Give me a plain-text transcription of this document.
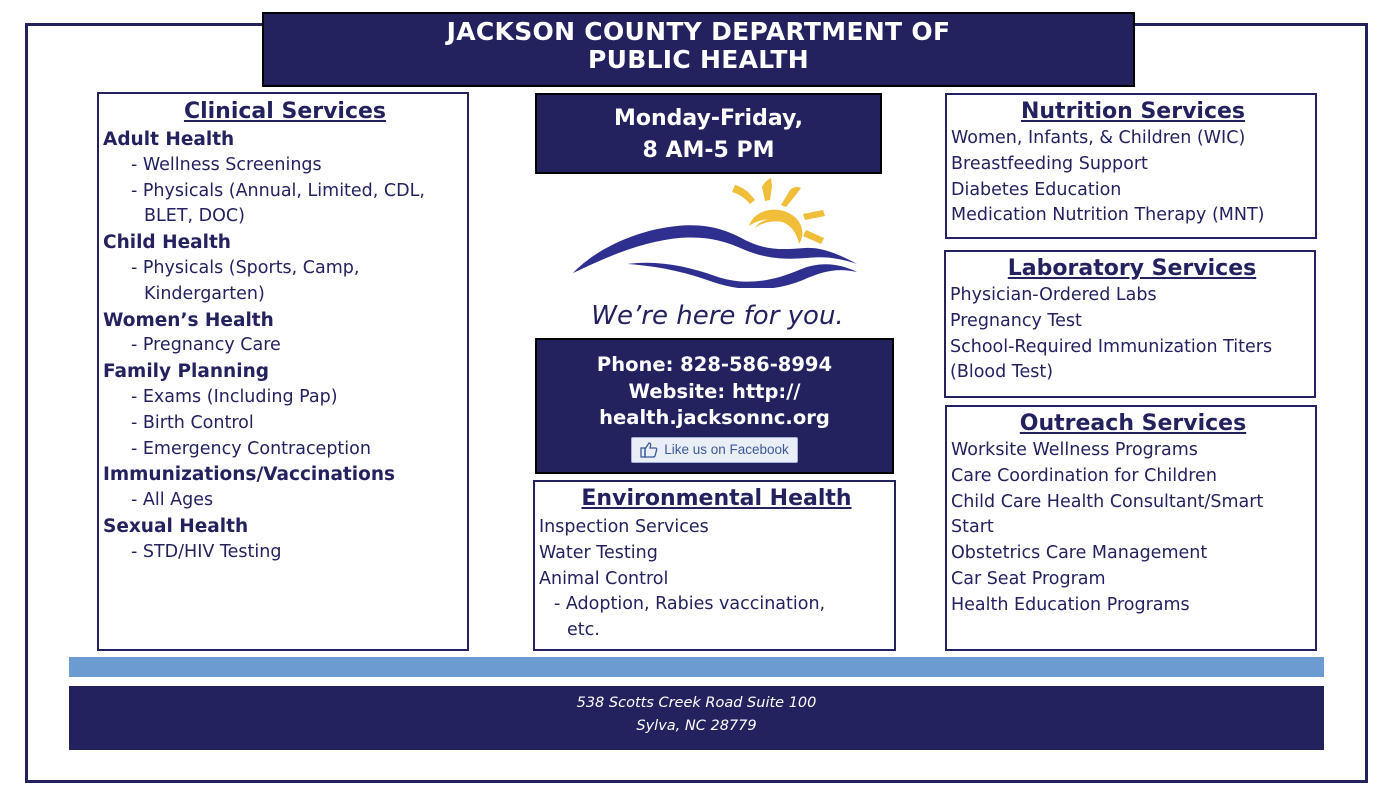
JACKSON COUNTY DEPARTMENT OF
PUBLIC HEALTH
Clinical Services
Adult Health
- Wellness Screenings
- Physicals (Annual, Limited, CDL,
BLET, DOC)
Child Health
- Physicals (Sports, Camp,
Kindergarten)
Women’s Health
- Pregnancy Care
Family Planning
- Exams (Including Pap)
- Birth Control
- Emergency Contraception
Immunizations/Vaccinations
- All Ages
Sexual Health
- STD/HIV Testing
Monday-Friday,
8 AM-5 PM
We’re here for you.
Phone: 828-586-8994
Website: http://
health.jacksonnc.org
Like us on Facebook
Environmental Health
Inspection Services
Water Testing
Animal Control
- Adoption, Rabies vaccination,
etc.
Nutrition Services
Women, Infants, & Children (WIC)
Breastfeeding Support
Diabetes Education
Medication Nutrition Therapy (MNT)
Laboratory Services
Physician-Ordered Labs
Pregnancy Test
School-Required Immunization Titers
(Blood Test)
Outreach Services
Worksite Wellness Programs
Care Coordination for Children
Child Care Health Consultant/Smart
Start
Obstetrics Care Management
Car Seat Program
Health Education Programs
538 Scotts Creek Road Suite 100
Sylva, NC 28779
